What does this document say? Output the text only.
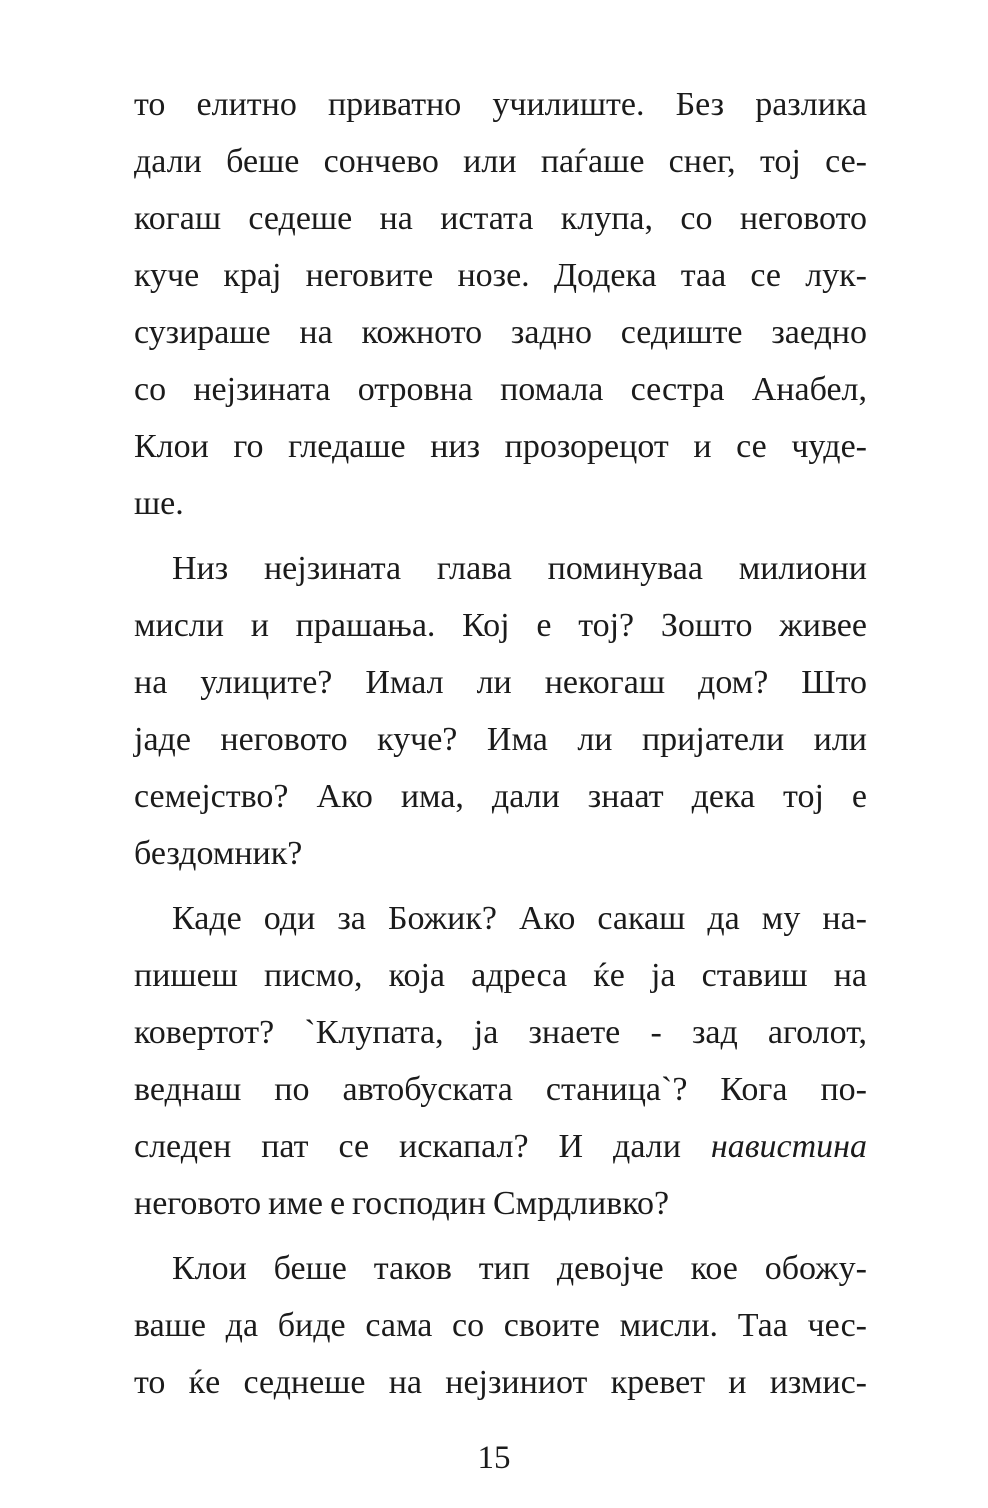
то елитно приватно училиште. Без разлика
дали беше сончево или паѓаше снег, тој се-
когаш седеше на истата клупа, со неговото
куче крај неговите нозе. Додека таа се лук-
сузираше на кожното задно седиште заедно
со нејзината отровна помала сестра Анабел,
Клои го гледаше низ прозорецот и се чуде-
ше.
Низ нејзината глава поминуваа милиони
мисли и прашања. Кој е тој? Зошто живее
на улиците? Имал ли некогаш дом? Што
јаде неговото куче? Има ли пријатели или
семејство? Ако има, дали знаат дека тој е
бездомник?
Каде оди за Божик? Ако сакаш да му на-
пишеш писмо, која адреса ќе ја ставиш на
ковертот? `Клупата, ја знаете - зад аголот,
веднаш по автобуската станица`? Кога по-
следен пат се искапал? И дали навистина
неговото име е господин Смрдливко?
Клои беше таков тип девојче кое обожу-
ваше да биде сама со своите мисли. Таа чес-
то ќе седнеше на нејзиниот кревет и измис-
15
